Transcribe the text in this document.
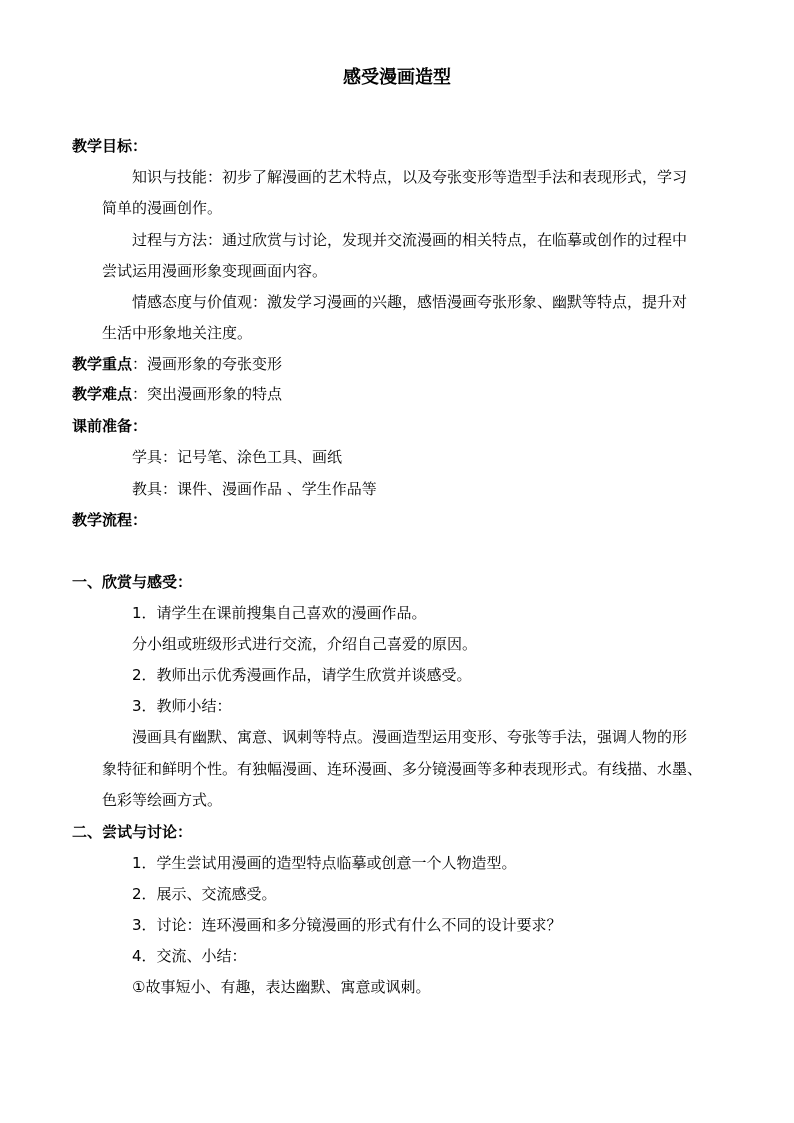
感受漫画造型
教学目标：
知识与技能：初步了解漫画的艺术特点，以及夸张变形等造型手法和表现形式，学习
简单的漫画创作。
过程与方法：通过欣赏与讨论，发现并交流漫画的相关特点，在临摹或创作的过程中
尝试运用漫画形象变现画面内容。
情感态度与价值观：激发学习漫画的兴趣，感悟漫画夸张形象、幽默等特点，提升对
生活中形象地关注度。
教学重点：漫画形象的夸张变形
教学难点：突出漫画形象的特点
课前准备：
学具：记号笔、涂色工具、画纸
教具：课件、漫画作品 、学生作品等
教学流程：
一、欣赏与感受：
1．请学生在课前搜集自己喜欢的漫画作品。
分小组或班级形式进行交流，介绍自己喜爱的原因。
2．教师出示优秀漫画作品，请学生欣赏并谈感受。
3．教师小结：
漫画具有幽默、寓意、讽刺等特点。漫画造型运用变形、夸张等手法，强调人物的形
象特征和鲜明个性。有独幅漫画、连环漫画、多分镜漫画等多种表现形式。有线描、水墨、
色彩等绘画方式。
二、尝试与讨论：
1．学生尝试用漫画的造型特点临摹或创意一个人物造型。
2．展示、交流感受。
3．讨论：连环漫画和多分镜漫画的形式有什么不同的设计要求？
4．交流、小结：
①故事短小、有趣，表达幽默、寓意或讽刺。
